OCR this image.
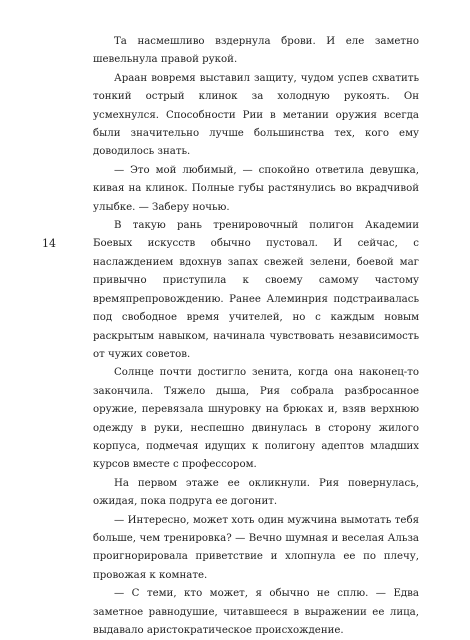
14

Та насмешливо вздернула брови. И еле заметно шевельнула правой рукой.

Араан вовремя выставил защиту, чудом успев схватить тонкий острый клинок за холодную рукоять. Он усмехнулся. Способности Рии в метании оружия всегда были значительно лучше большинства тех, кого ему доводилось знать.

— Это мой любимый, — спокойно ответила девушка, кивая на клинок. Полные губы растянулись во вкрадчивой улыбке. — Заберу ночью.

В такую рань тренировочный полигон Академии Боевых искусств обычно пустовал. И сейчас, с наслаждением вдохнув запах свежей зелени, боевой маг привычно приступила к своему самому частому времяпрепровождению. Ранее Алеминрия подстраивалась под свободное время учителей, но с каждым новым раскрытым навыком, начинала чувствовать независимость от чужих советов.

Солнце почти достигло зенита, когда она наконец-то закончила. Тяжело дыша, Рия собрала разбросанное оружие, перевязала шнуровку на брюках и, взяв верхнюю одежду в руки, неспешно двинулась в сторону жилого корпуса, подмечая идущих к полигону адептов младших курсов вместе с профессором.

На первом этаже ее окликнули. Рия повернулась, ожидая, пока подруга ее догонит.

— Интересно, может хоть один мужчина вымотать тебя больше, чем тренировка? — Вечно шумная и веселая Альза проигнорировала приветствие и хлопнула ее по плечу, провожая к комнате.

— С теми, кто может, я обычно не сплю. — Едва заметное равнодушие, читавшееся в выражении ее лица, выдавало аристократическое происхождение.
